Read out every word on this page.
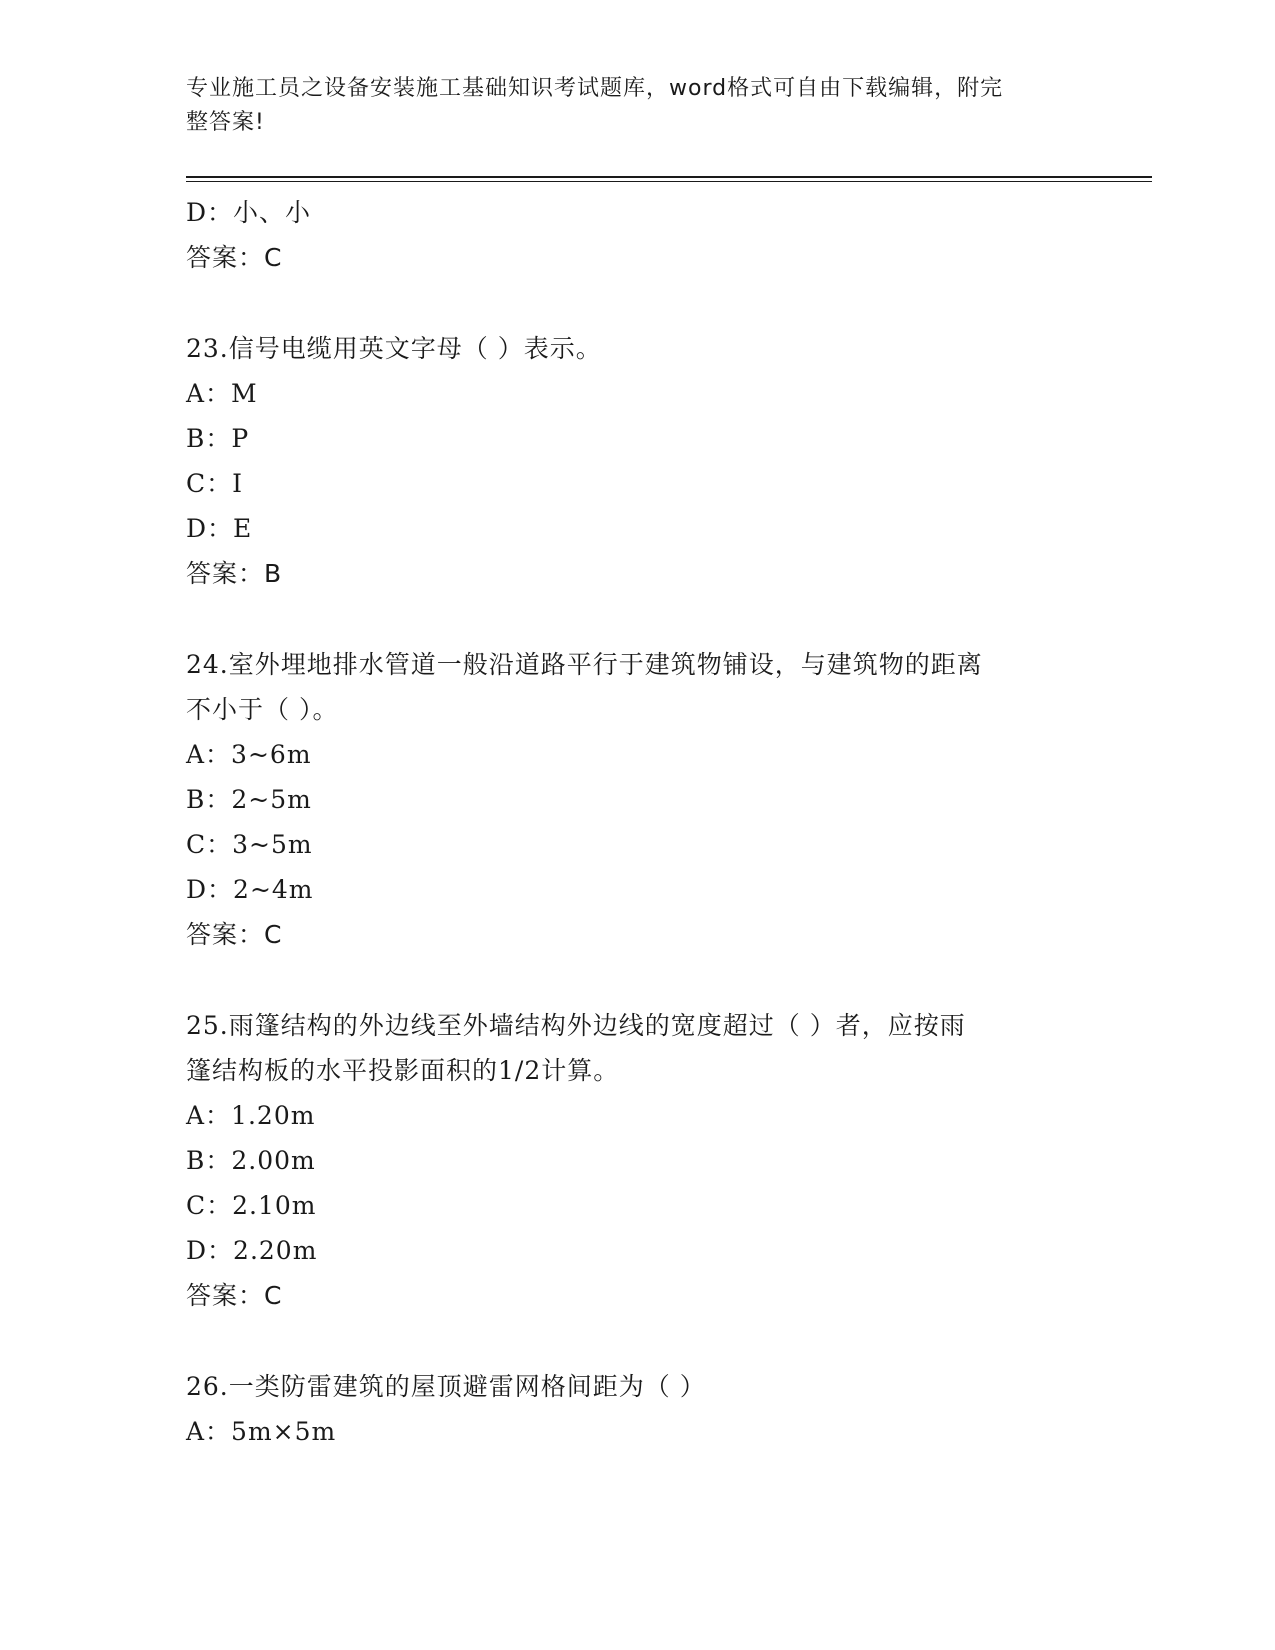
专业施工员之设备安装施工基础知识考试题库，word格式可自由下载编辑，附完
整答案!
D：小、小
答案：C
23.信号电缆用英文字母（ ）表示。
A：M
B：P
C：I
D：E
答案：B
24.室外埋地排水管道一般沿道路平行于建筑物铺设，与建筑物的距离
不小于（ ）。
A：3~6m
B：2~5m
C：3~5m
D：2~4m
答案：C
25.雨篷结构的外边线至外墙结构外边线的宽度超过（ ）者，应按雨
篷结构板的水平投影面积的1/2计算。
A：1.20m
B：2.00m
C：2.10m
D：2.20m
答案：C
26.一类防雷建筑的屋顶避雷网格间距为（ ）
A：5m×5m
